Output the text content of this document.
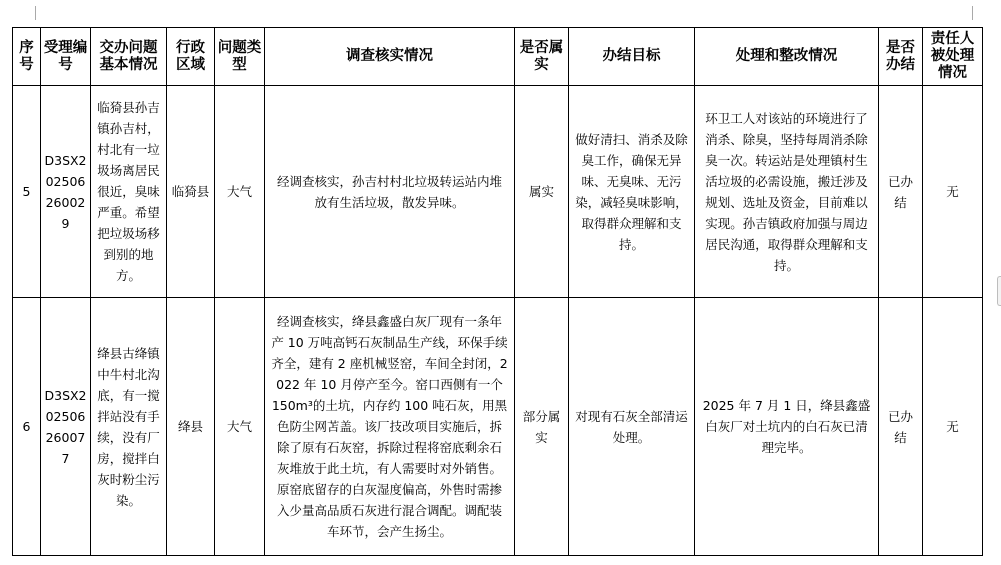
序号	受理编号	交办问题基本情况	行政区域	问题类型	调查核实情况	是否属实	办结目标	处理和整改情况	是否办结	责任人被处理情况
5	D3SX20250626002 9	临猗县孙吉镇孙吉村，村北有一垃圾场离居民很近，臭味严重。希望把垃圾场移到别的地方。	临猗县	大气	经调查核实，孙吉村村北垃圾转运站内堆放有生活垃圾，散发异味。	属实	做好清扫、消杀及除臭工作，确保无异味、无臭味、无污染，减轻臭味影响，取得群众理解和支持。	环卫工人对该站的环境进行了消杀、除臭，坚持每周消杀除臭一次。转运站是处理镇村生活垃圾的必需设施，搬迁涉及规划、选址及资金，目前难以实现。孙吉镇政府加强与周边居民沟通，取得群众理解和支持。	已办结	无
6	D3SX20250626007 7	绛县古绛镇中牛村北沟底，有一搅拌站没有手续，没有厂房，搅拌白灰时粉尘污染。	绛县	大气	经调查核实，绛县鑫盛白灰厂现有一条年产 10 万吨高钙石灰制品生产线，环保手续齐全，建有 2 座机械竖窑，车间全封闭，2022 年 10 月停产至今。窑口西侧有一个 150m³的土坑，内存约 100 吨石灰，用黑色防尘网苫盖。该厂技改项目实施后，拆除了原有石灰窑，拆除过程将窑底剩余石灰堆放于此土坑，有人需要时对外销售。原窑底留存的白灰湿度偏高，外售时需掺入少量高品质石灰进行混合调配。调配装车环节，会产生扬尘。	部分属实	对现有石灰全部清运处理。	2025 年 7 月 1 日，绛县鑫盛白灰厂对土坑内的白石灰已清理完毕。	已办结	无
